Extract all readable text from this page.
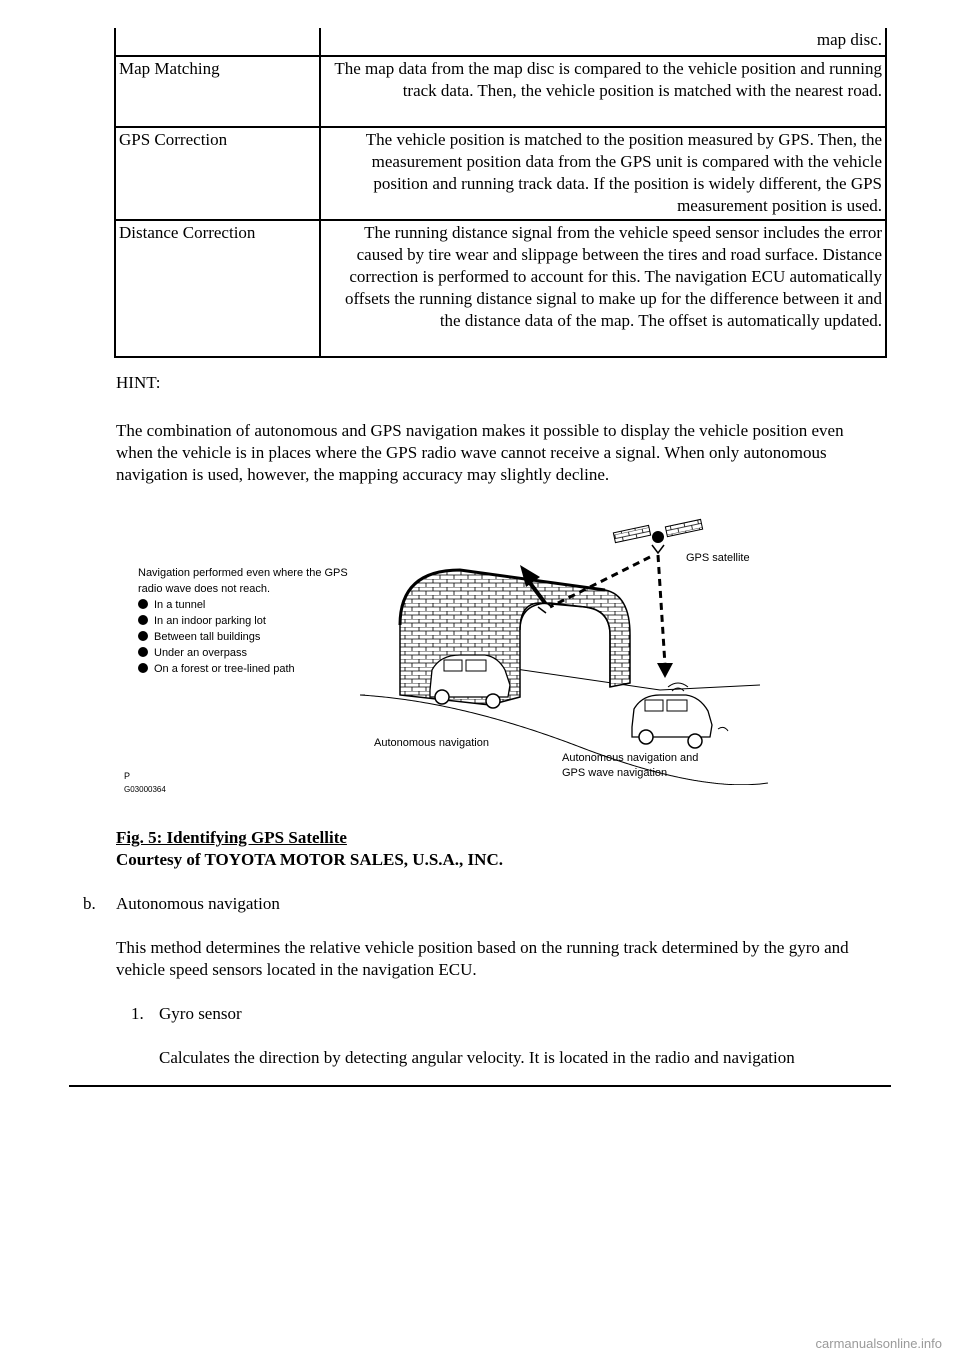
	map disc.
Map Matching	The map data from the map disc is compared to the vehicle position and running track data. Then, the vehicle position is matched with the nearest road.
GPS Correction	The vehicle position is matched to the position measured by GPS. Then, the measurement position data from the GPS unit is compared with the vehicle position and running track data. If the position is widely different, the GPS measurement position is used.
Distance Correction	The running distance signal from the vehicle speed sensor includes the error caused by tire wear and slippage between the tires and road surface. Distance correction is performed to account for this. The navigation ECU automatically offsets the running distance signal to make up for the difference between it and the distance data of the map. The offset is automatically updated.

HINT:

The combination of autonomous and GPS navigation makes it possible to display the vehicle position even when the vehicle is in places where the GPS radio wave cannot receive a signal. When only autonomous navigation is used, however, the mapping accuracy may slightly decline.

Navigation performed even where the GPS radio wave does not reach.
In a tunnel
In an indoor parking lot
Between tall buildings
Under an overpass
On a forest or tree-lined path
GPS satellite
Autonomous navigation
Autonomous navigation and
GPS wave navigation
P
G03000364

Fig. 5: Identifying GPS Satellite

Courtesy of TOYOTA MOTOR SALES, U.S.A., INC.

b. Autonomous navigation

This method determines the relative vehicle position based on the running track determined by the gyro and vehicle speed sensors located in the navigation ECU.

1. Gyro sensor

Calculates the direction by detecting angular velocity. It is located in the radio and navigation

carmanualsonline.info
